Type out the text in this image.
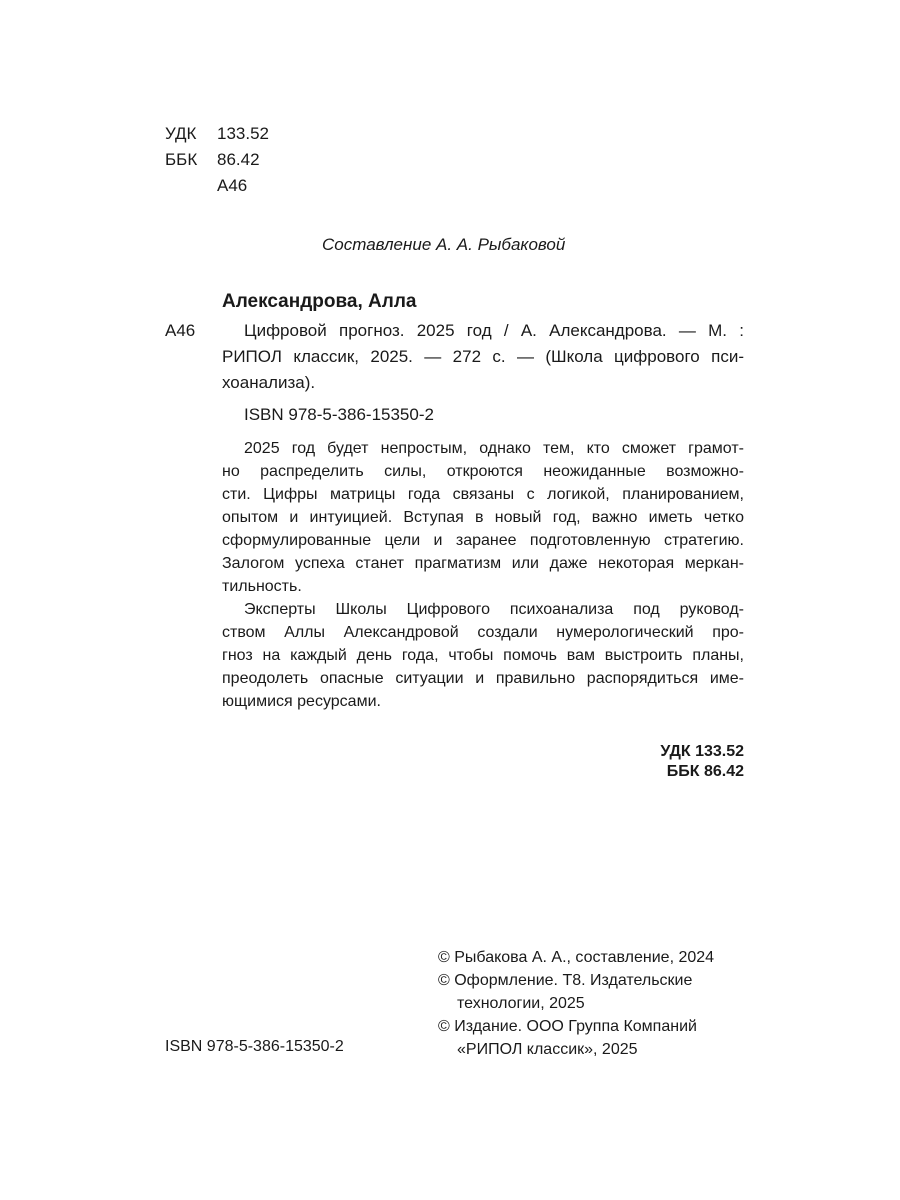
УДК 133.52
ББК 86.42
А46
Составление А. А. Рыбаковой
Александрова, Алла
А46	Цифровой прогноз. 2025 год / А. Александрова. — М. :
РИПОЛ классик, 2025. — 272 с. — (Школа цифрового пси-
хоанализа).
ISBN 978-5-386-15350-2
2025 год будет непростым, однако тем, кто сможет грамот-
но распределить силы, откроются неожиданные возможно-
сти. Цифры матрицы года связаны с логикой, планированием,
опытом и интуицией. Вступая в новый год, важно иметь четко
сформулированные цели и заранее подготовленную стратегию.
Залогом успеха станет прагматизм или даже некоторая меркан-
тильность.
Эксперты Школы Цифрового психоанализа под руковод-
ством Аллы Александровой создали нумерологический про-
гноз на каждый день года, чтобы помочь вам выстроить планы,
преодолеть опасные ситуации и правильно распорядиться име-
ющимися ресурсами.
УДК 133.52
ББК 86.42
© Рыбакова А. А., составление, 2024
© Оформление. Т8. Издательские
технологии, 2025
© Издание. ООО Группа Компаний
«РИПОЛ классик», 2025
ISBN 978-5-386-15350-2
